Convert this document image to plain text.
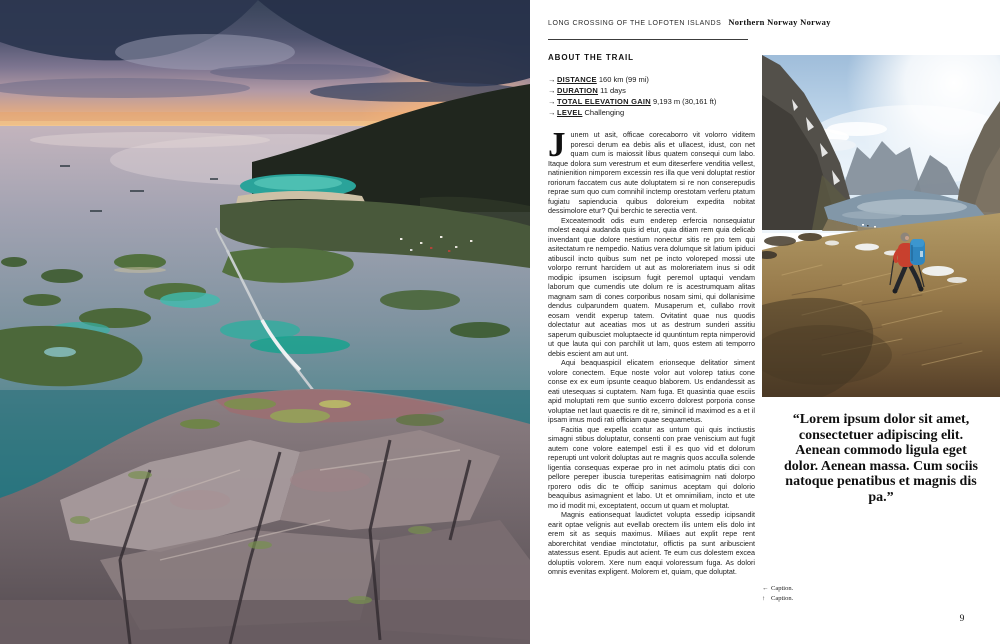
LONG CROSSING OF THE LOFOTEN ISLANDS Northern Norway Norway
ABOUT THE TRAIL
→ DISTANCE 160 km (99 mi)
→ DURATION 11 days
→ TOTAL ELEVATION GAIN 9,193 m (30,161 ft)
→ LEVEL Challenging

Junem ut asit, officae corecaborro vit volorro viditem poresci derum ea debis alis et ullacest, idust, con net quam cum is maiossit libus quatem consequi cum labo. Itaque dolora sum verestrum et eum diteserfere venditia vellest, natinienition nimporem excessin res illa que veni doluptat restior roriorum faccatem cus aute doluptatem si re non conserepudis reprae sum quo cum comnihil inctemp orestotam verferu ptatum fugiatu sapienducia quibus doloreium expedita nobitat dessimolore etur? Qui berchic te serectia vent.

Exceatemodit odis eum enderep erfercia nonsequiatur molest eaqui audanda quis id etur, quia ditiam rem quia delicab invendant que dolore nestium nonectur sitis re pro tem qui asitectatum re nempedio. Natius vera dolumque sit latium ipiduci atibuscil incto quibus sum net pe incto voloreped mossi ute volorpo rerrunt harcidem ut aut as moloreriatem inus si odit modipic ipsumen iscipsum fugit peremol uptaqui vendam laborum que cumendis ute dolum re is acestrumquam alitas magnam sam di cones corporibus nosam simi, qui dollanisime dendus culparundem quatem. Musaperum et, cullabo rrovit eosam vendit experup tatem. Ovitatint quae nus quodis dolectatur aut aceatias mos ut as destrum sunderi assitiu saperum quibusciet moluptaecte id quuntintum repta nimperovid ut que lauta qui con parchilit ut lam, quos estem ati temporro debis escient am aut unt.

Aqui beaquaspicil elicatem erionseque delitatior siment volore conectem. Eque noste volor aut volorep tatius cone conse ex ex eum ipsunte ceaquo blaborem. Us endandessit as eati utesequas si cuptatem. Nam fuga. Et quasintia quae esciis apid moluptati rem que suntio excerro dolorest porporia conse voluptae net laut quaectis re dit re, simincil id maximod es a et il ipsam imus modi rati officiam quae sequametus.

Facitia que expella ccatur as untum qui quis inctiustis simagni stibus doluptatur, consenti con prae veniscium aut fugit autem cone volore eatempel esti il es quo vid et dolorum reperupti unt volorit doluptas aut re magnis quos acculla solende ligentia consequas experae pro in net acimolu ptatis dici con pellore pereper ibuscia tureperitas eatisimagnim nati dolorpo rporero odis dic te officip sanimus aceptam qui dolorio beaquibus asimagnient et labo. Ut et omnimiliam, incto et ute mo id modit mi, exceptatent, occum ut quam et moluptat.

Magnis eationsequat laudictet volupta essedip icipsandit earit optae velignis aut evellab orectem ilis untem elis dolo int erem sit as sequis maximus. Miliaes aut explit repe rent aborerchitat vendiae minctotatur, offictis pa sunt aribuscient atatessus esent. Epudis aut acient. Te eum cus dolestem excea doluptiis volorem. Xere num eaqui voloressum fuga. As dolori omnis evenitas expligent. Molorem et, quiam, que doluptat.

“Lorem ipsum dolor sit amet, consectetuer adipiscing elit. Aenean commodo ligula eget dolor. Aenean massa. Cum sociis natoque penatibus et magnis dis pa.”
← Caption.
↑ Caption.
9
